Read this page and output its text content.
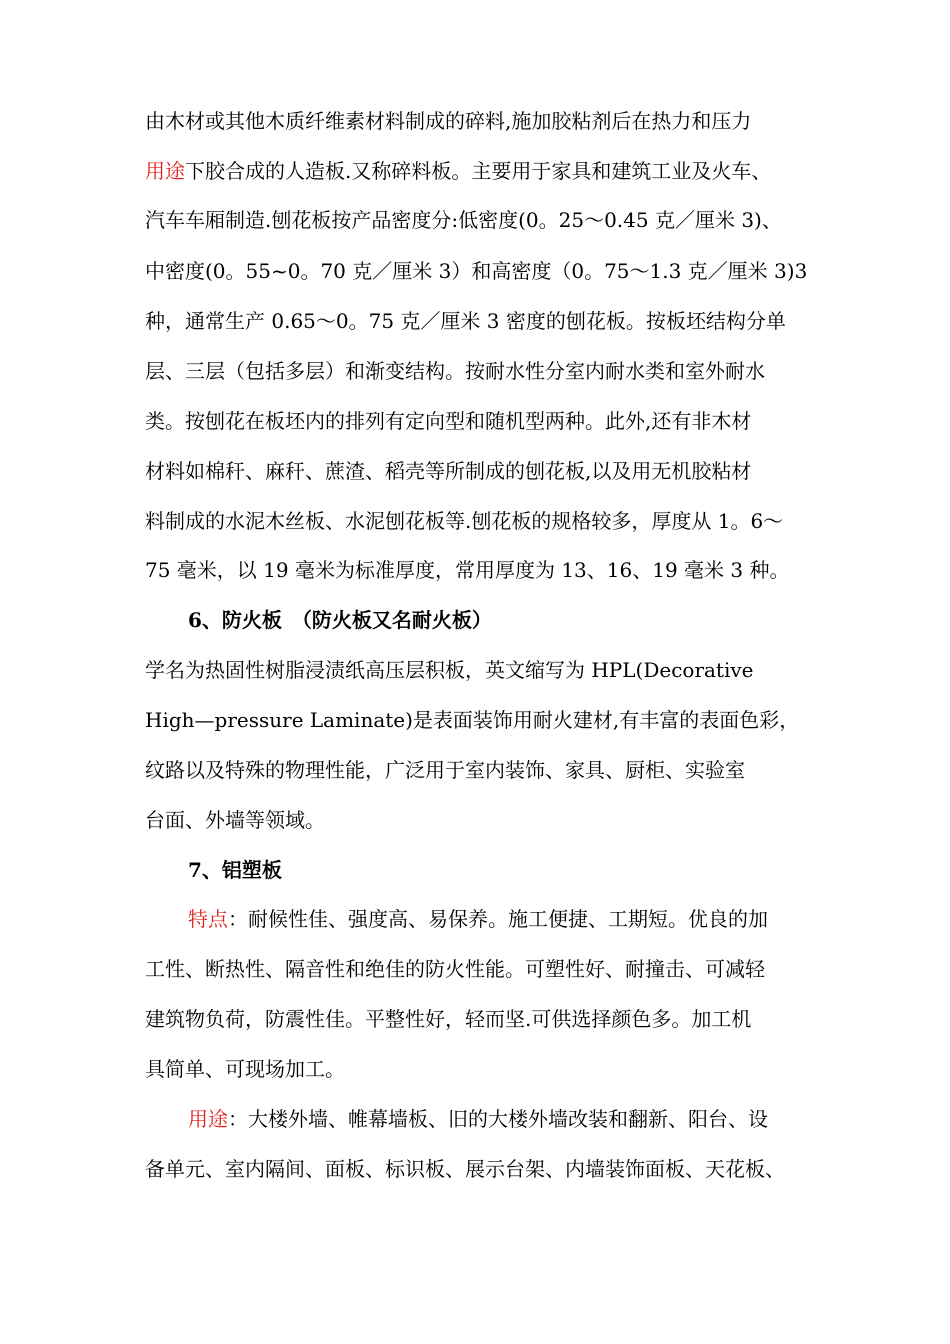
由木材或其他木质纤维素材料制成的碎料,施加胶粘剂后在热力和压力
用途下胶合成的人造板.又称碎料板。主要用于家具和建筑工业及火车、
汽车车厢制造.刨花板按产品密度分:低密度(0。25～0.45 克／厘米 3)、
中密度(0。55~0。70 克／厘米 3）和高密度（0。75～1.3 克／厘米 3)3
种，通常生产 0.65～0。75 克／厘米 3 密度的刨花板。按板坯结构分单
层、三层（包括多层）和渐变结构。按耐水性分室内耐水类和室外耐水
类。按刨花在板坯内的排列有定向型和随机型两种。此外,还有非木材
材料如棉秆、麻秆、蔗渣、稻壳等所制成的刨花板,以及用无机胶粘材
料制成的水泥木丝板、水泥刨花板等.刨花板的规格较多，厚度从 1。6～
75 毫米，以 19 毫米为标准厚度，常用厚度为 13、16、19 毫米 3 种。
6、防火板　（防火板又名耐火板）
学名为热固性树脂浸渍纸高压层积板，英文缩写为 HPL(Decorative
High—pressure Laminate)是表面装饰用耐火建材,有丰富的表面色彩，
纹路以及特殊的物理性能，广泛用于室内装饰、家具、厨柜、实验室
台面、外墙等领域。
7、铝塑板
特点：耐候性佳、强度高、易保养。施工便捷、工期短。优良的加
工性、断热性、隔音性和绝佳的防火性能。可塑性好、耐撞击、可减轻
建筑物负荷，防震性佳。平整性好，轻而坚.可供选择颜色多。加工机
具简单、可现场加工。
用途：大楼外墙、帷幕墙板、旧的大楼外墙改装和翻新、阳台、设
备单元、室内隔间、面板、标识板、展示台架、内墙装饰面板、天花板、
